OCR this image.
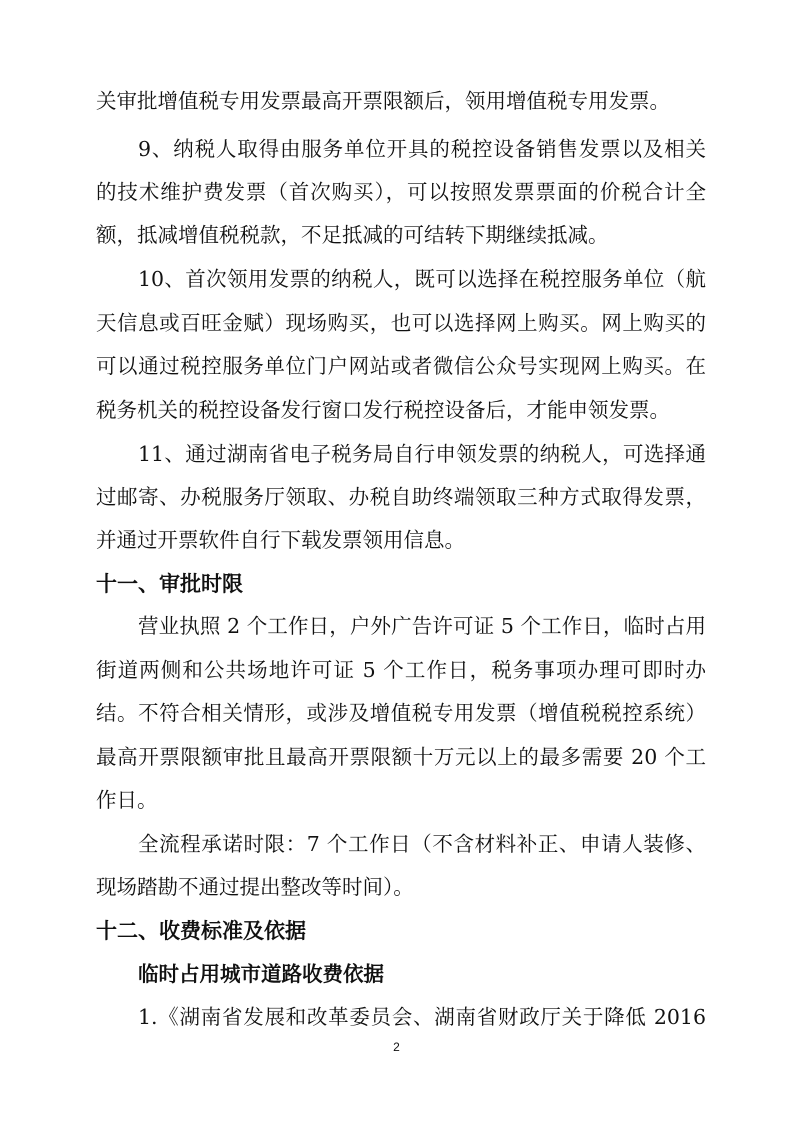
关审批增值税专用发票最高开票限额后，领用增值税专用发票。
9、纳税人取得由服务单位开具的税控设备销售发票以及相关
的技术维护费发票（首次购买），可以按照发票票面的价税合计全
额，抵减增值税税款，不足抵减的可结转下期继续抵减。
10、首次领用发票的纳税人，既可以选择在税控服务单位（航
天信息或百旺金赋）现场购买，也可以选择网上购买。网上购买的
可以通过税控服务单位门户网站或者微信公众号实现网上购买。在
税务机关的税控设备发行窗口发行税控设备后，才能申领发票。
11、通过湖南省电子税务局自行申领发票的纳税人，可选择通
过邮寄、办税服务厅领取、办税自助终端领取三种方式取得发票，
并通过开票软件自行下载发票领用信息。
十一、审批时限
营业执照 2 个工作日，户外广告许可证 5 个工作日，临时占用
街道两侧和公共场地许可证 5 个工作日，税务事项办理可即时办
结。不符合相关情形，或涉及增值税专用发票（增值税税控系统）
最高开票限额审批且最高开票限额十万元以上的最多需要 20 个工
作日。
全流程承诺时限：7 个工作日（不含材料补正、申请人装修、
现场踏勘不通过提出整改等时间）。
十二、收费标准及依据
临时占用城市道路收费依据
1.《湖南省发展和改革委员会、湖南省财政厅关于降低 2016
2
